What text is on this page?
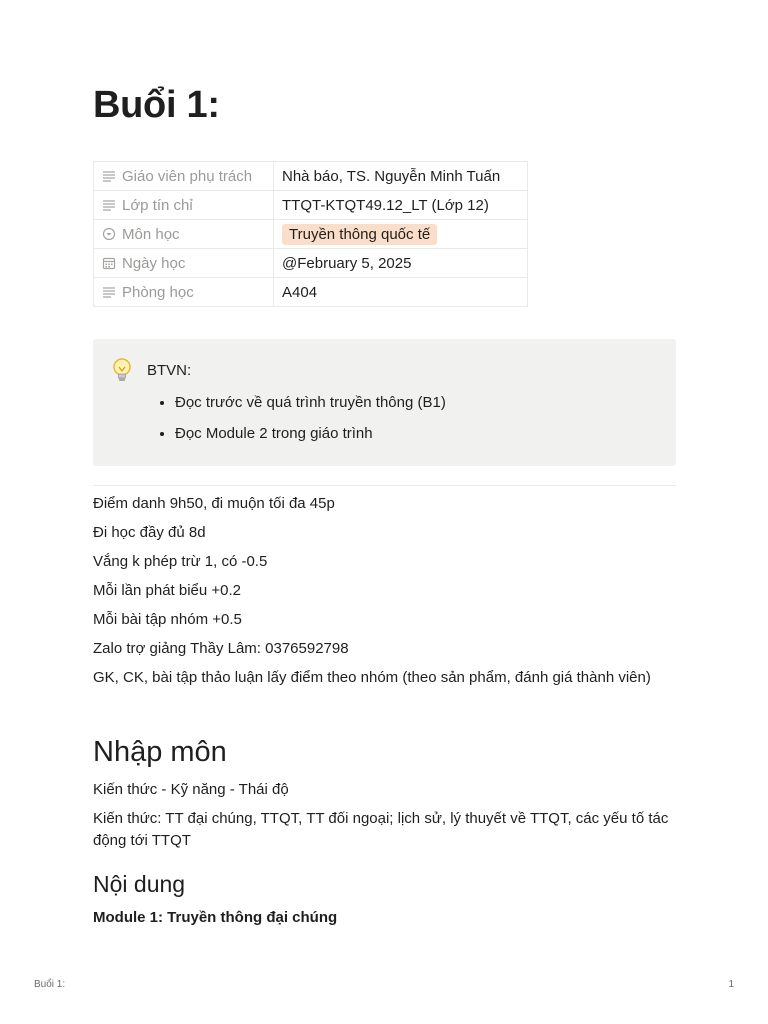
Buổi 1:
Giáo viên phụ trách	Nhà báo, TS. Nguyễn Minh Tuấn

Lớp tín chỉ	TTQT-KTQT49.12_LT (Lớp 12)

Môn học	Truyền thông quốc tế

Ngày học	@February 5, 2025

Phòng học	A404
BTVN:
• Đọc trước về quá trình truyền thông (B1)
• Đọc Module 2 trong giáo trình

Điểm danh 9h50, đi muộn tối đa 45p

Đi học đầy đủ 8d

Vắng k phép trừ 1, có -0.5

Mỗi lần phát biểu +0.2

Mỗi bài tập nhóm +0.5

Zalo trợ giảng Thầy Lâm: 0376592798

GK, CK, bài tập thảo luận lấy điểm theo nhóm (theo sản phẩm, đánh giá thành viên)

Nhập môn

Kiến thức - Kỹ năng - Thái độ

Kiến thức: TT đại chúng, TTQT, TT đối ngoại; lịch sử, lý thuyết về TTQT, các yếu tố tác động tới TTQT

Nội dung

Module 1: Truyền thông đại chúng

Buổi 1:	1
